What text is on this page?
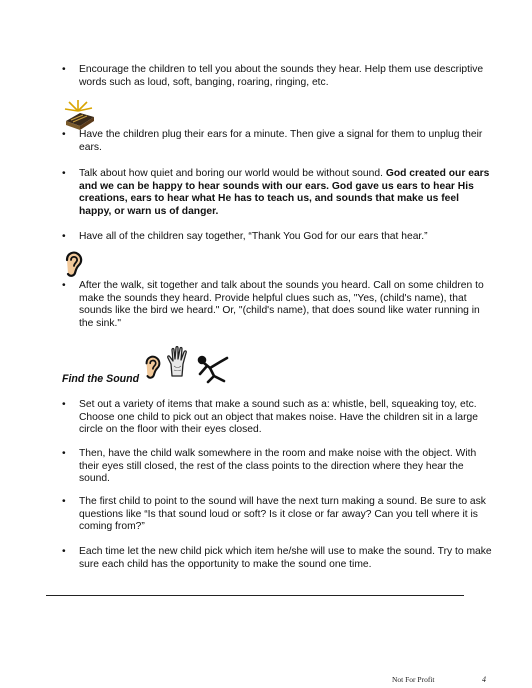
• Encourage the children to tell you about the sounds they hear. Help them use descriptive words such as loud, soft, banging, roaring, ringing, etc.
• Have the children plug their ears for a minute. Then give a signal for them to unplug their ears.
• Talk about how quiet and boring our world would be without sound. God created our ears and we can be happy to hear sounds with our ears. God gave us ears to hear His creations, ears to hear what He has to teach us, and sounds that make us feel happy, or warn us of danger.
• Have all of the children say together, “Thank You God for our ears that hear.”
• After the walk, sit together and talk about the sounds you heard. Call on some children to make the sounds they heard. Provide helpful clues such as, "Yes, (child's name), that sounds like the bird we heard." Or, "(child's name), that does sound like water running in the sink."
Find the Sound
• Set out a variety of items that make a sound such as a: whistle, bell, squeaking toy, etc. Choose one child to pick out an object that makes noise. Have the children sit in a large circle on the floor with their eyes closed.
• Then, have the child walk somewhere in the room and make noise with the object. With their eyes still closed, the rest of the class points to the direction where they hear the sound.
• The first child to point to the sound will have the next turn making a sound. Be sure to ask questions like “Is that sound loud or soft? Is it close or far away? Can you tell where it is coming from?”
• Each time let the new child pick which item he/she will use to make the sound. Try to make sure each child has the opportunity to make the sound one time.
Not For Profit	4
